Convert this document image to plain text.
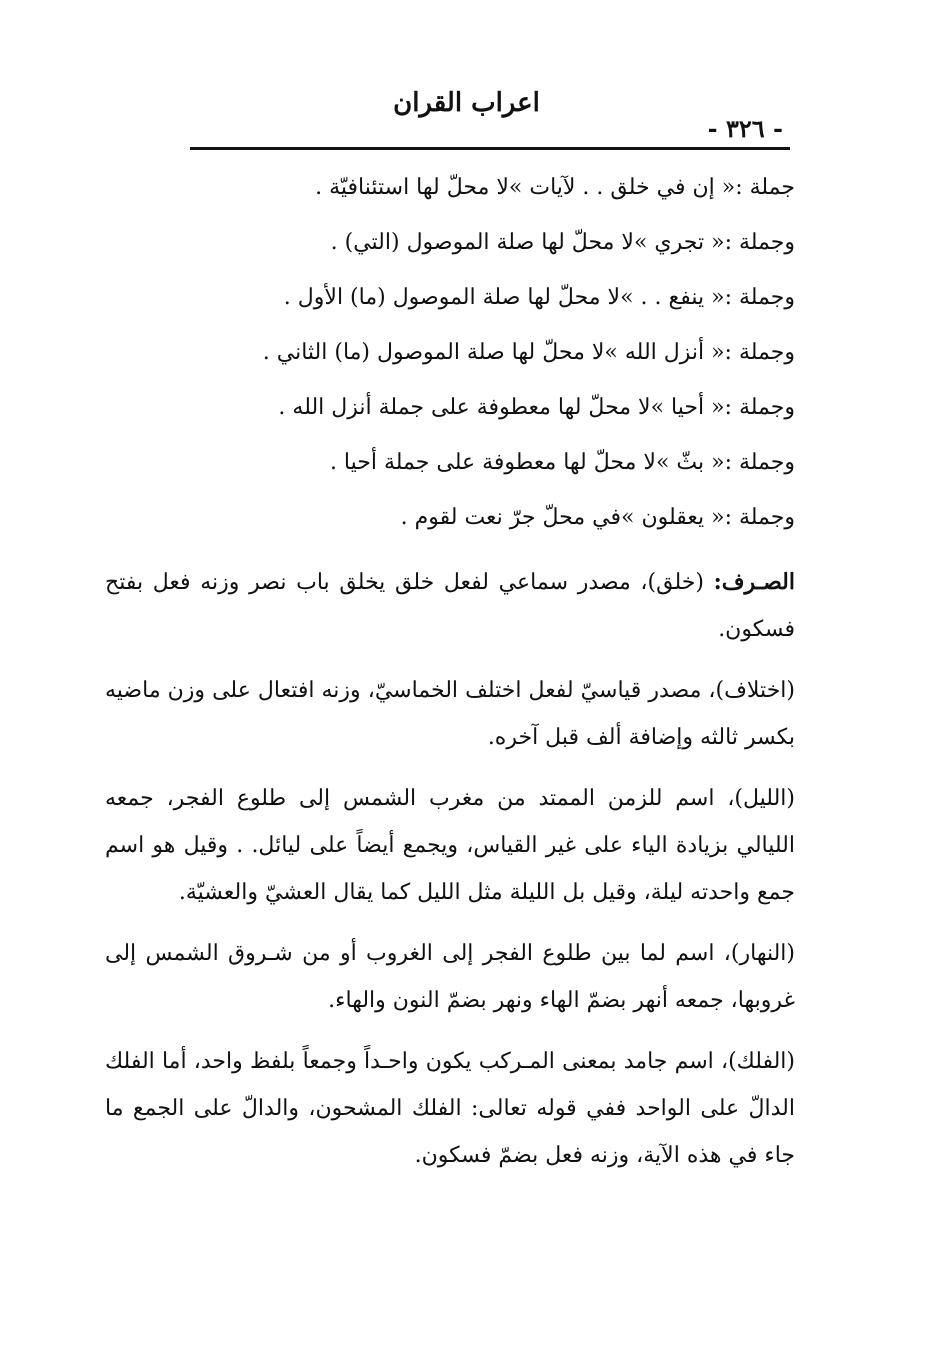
اعراب القران
- ٣٢٦ -
جملة :« إن في خلق . . لآيات »لا محلّ لها استئنافيّة .
وجملة :« تجري »لا محلّ لها صلة الموصول (التي) .
وجملة :« ينفع . . »لا محلّ لها صلة الموصول (ما) الأول .
وجملة :« أنزل الله »لا محلّ لها صلة الموصول (ما) الثاني .
وجملة :« أحيا »لا محلّ لها معطوفة على جملة أنزل الله .
وجملة :« بثّ »لا محلّ لها معطوفة على جملة أحيا .
وجملة :« يعقلون »في محلّ جرّ نعت لقوم .

الصـرف: (خلق)، مصدر سماعي لفعل خلق يخلق باب نصر وزنه فعل بفتح فسكون.

(اختلاف)، مصدر قياسيّ لفعل اختلف الخماسيّ، وزنه افتعال على وزن ماضيه بكسر ثالثه وإضافة ألف قبل آخره.

(الليل)، اسم للزمن الممتد من مغرب الشمس إلى طلوع الفجر، جمعه الليالي بزيادة الياء على غير القياس، ويجمع أيضاً على ليائل. . وقيل هو اسم جمع واحدته ليلة، وقيل بل الليلة مثل الليل كما يقال العشيّ والعشيّة.

(النهار)، اسم لما بين طلوع الفجر إلى الغروب أو من شـروق الشمس إلى غروبها، جمعه أنهر بضمّ الهاء ونهر بضمّ النون والهاء.

(الفلك)، اسم جامد بمعنى المـركب يكون واحـداً وجمعاً بلفظ واحد، أما الفلك الدالّ على الواحد ففي قوله تعالى: الفلك المشحون، والدالّ على الجمع ما جاء في هذه الآية، وزنه فعل بضمّ فسكون.
